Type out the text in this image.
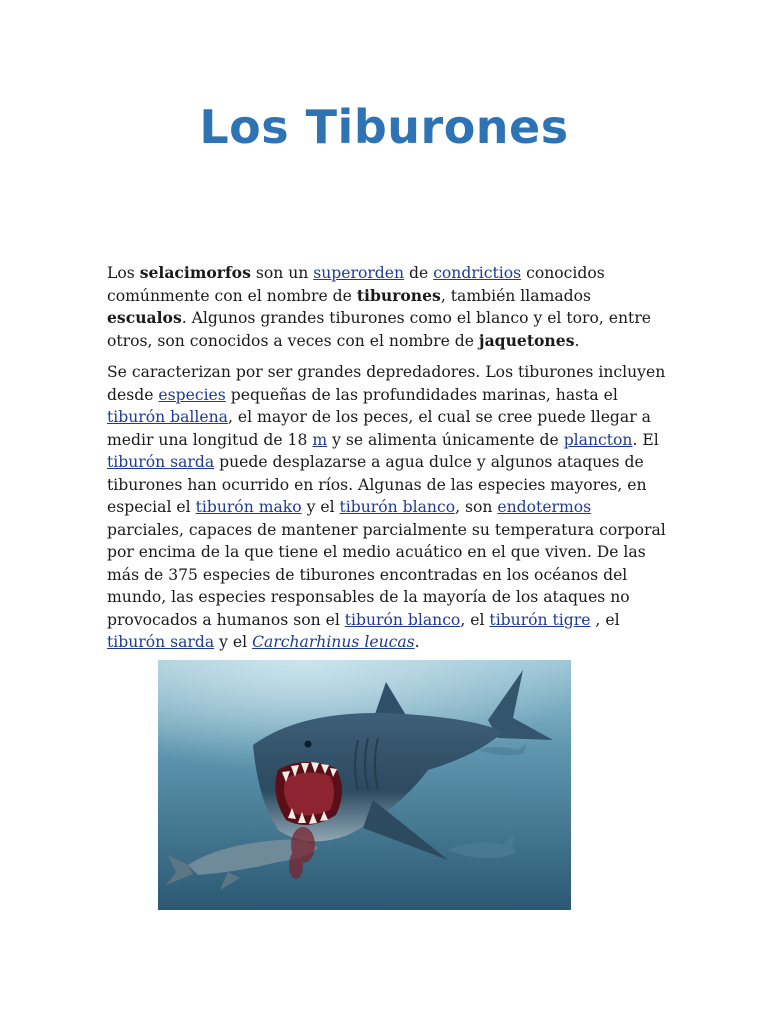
Los Tiburones

Los selacimorfos son un superorden de condrictios conocidos comúnmente con el nombre de tiburones, también llamados escualos. Algunos grandes tiburones como el blanco y el toro, entre otros, son conocidos a veces con el nombre de jaquetones.

Se caracterizan por ser grandes depredadores. Los tiburones incluyen desde especies pequeñas de las profundidades marinas, hasta el tiburón ballena, el mayor de los peces, el cual se cree puede llegar a medir una longitud de 18 m y se alimenta únicamente de plancton. El tiburón sarda puede desplazarse a agua dulce y algunos ataques de tiburones han ocurrido en ríos. Algunas de las especies mayores, en especial el tiburón mako y el tiburón blanco, son endotermos parciales, capaces de mantener parcialmente su temperatura corporal por encima de la que tiene el medio acuático en el que viven. De las más de 375 especies de tiburones encontradas en los océanos del mundo, las especies responsables de la mayoría de los ataques no provocados a humanos son el tiburón blanco, el tiburón tigre , el tiburón sarda y el Carcharhinus leucas.
